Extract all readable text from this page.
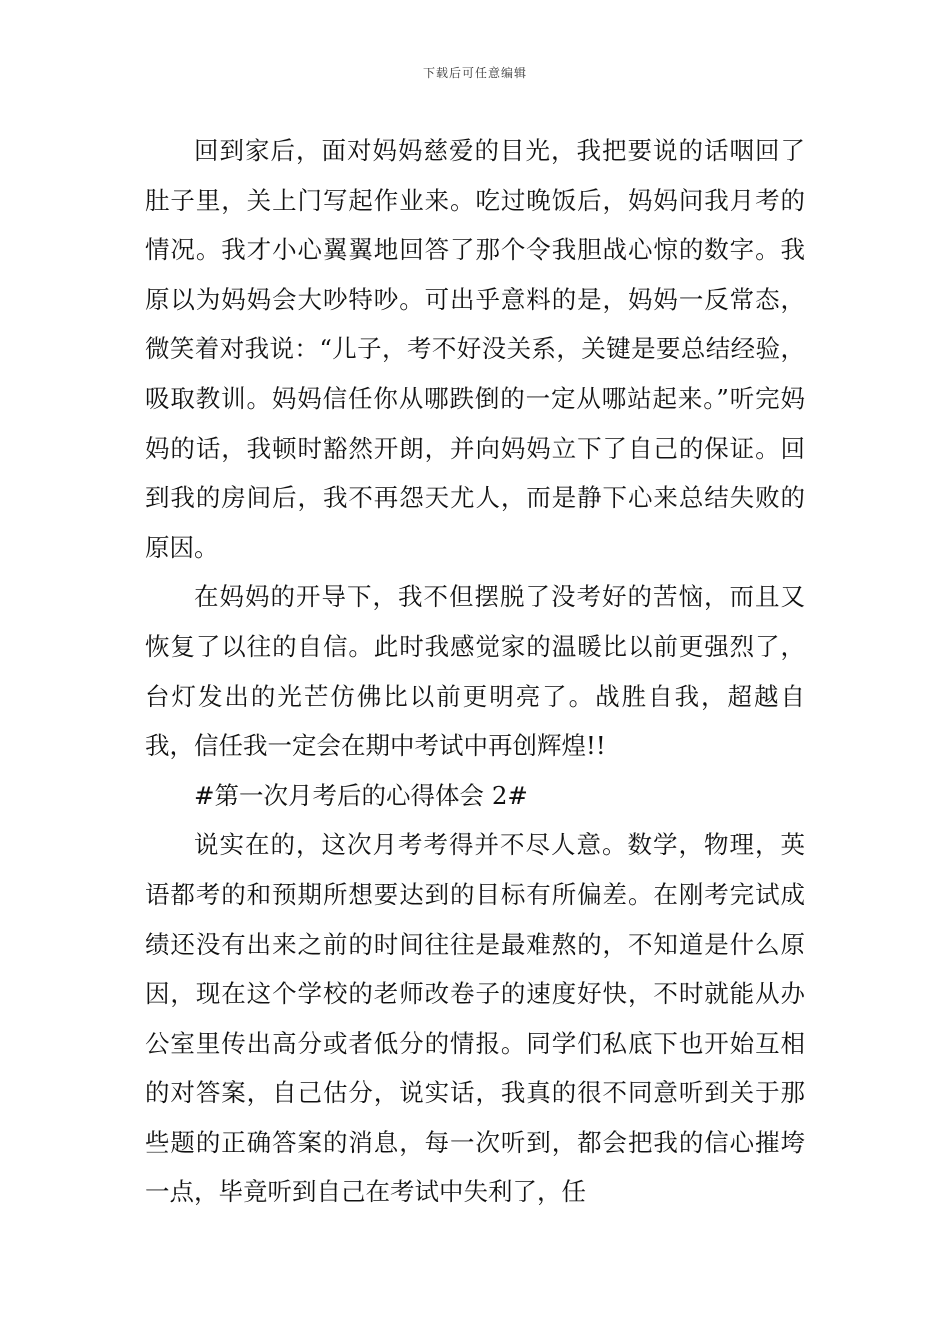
下载后可任意编辑

回到家后，面对妈妈慈爱的目光，我把要说的话咽回了肚子里，关上门写起作业来。吃过晚饭后，妈妈问我月考的情况。我才小心翼翼地回答了那个令我胆战心惊的数字。我原以为妈妈会大吵特吵。可出乎意料的是，妈妈一反常态，微笑着对我说：“儿子，考不好没关系，关键是要总结经验，吸取教训。妈妈信任你从哪跌倒的一定从哪站起来。”听完妈妈的话，我顿时豁然开朗，并向妈妈立下了自己的保证。回到我的房间后，我不再怨天尤人，而是静下心来总结失败的原因。

在妈妈的开导下，我不但摆脱了没考好的苦恼，而且又恢复了以往的自信。此时我感觉家的温暖比以前更强烈了，台灯发出的光芒仿佛比以前更明亮了。战胜自我，超越自我，信任我一定会在期中考试中再创辉煌!!

#第一次月考后的心得体会 2#

说实在的，这次月考考得并不尽人意。数学，物理，英语都考的和预期所想要达到的目标有所偏差。在刚考完试成绩还没有出来之前的时间往往是最难熬的，不知道是什么原因，现在这个学校的老师改卷子的速度好快，不时就能从办公室里传出高分或者低分的情报。同学们私底下也开始互相的对答案，自己估分，说实话，我真的很不同意听到关于那些题的正确答案的消息，每一次听到，都会把我的信心摧垮一点，毕竟听到自己在考试中失利了，任
